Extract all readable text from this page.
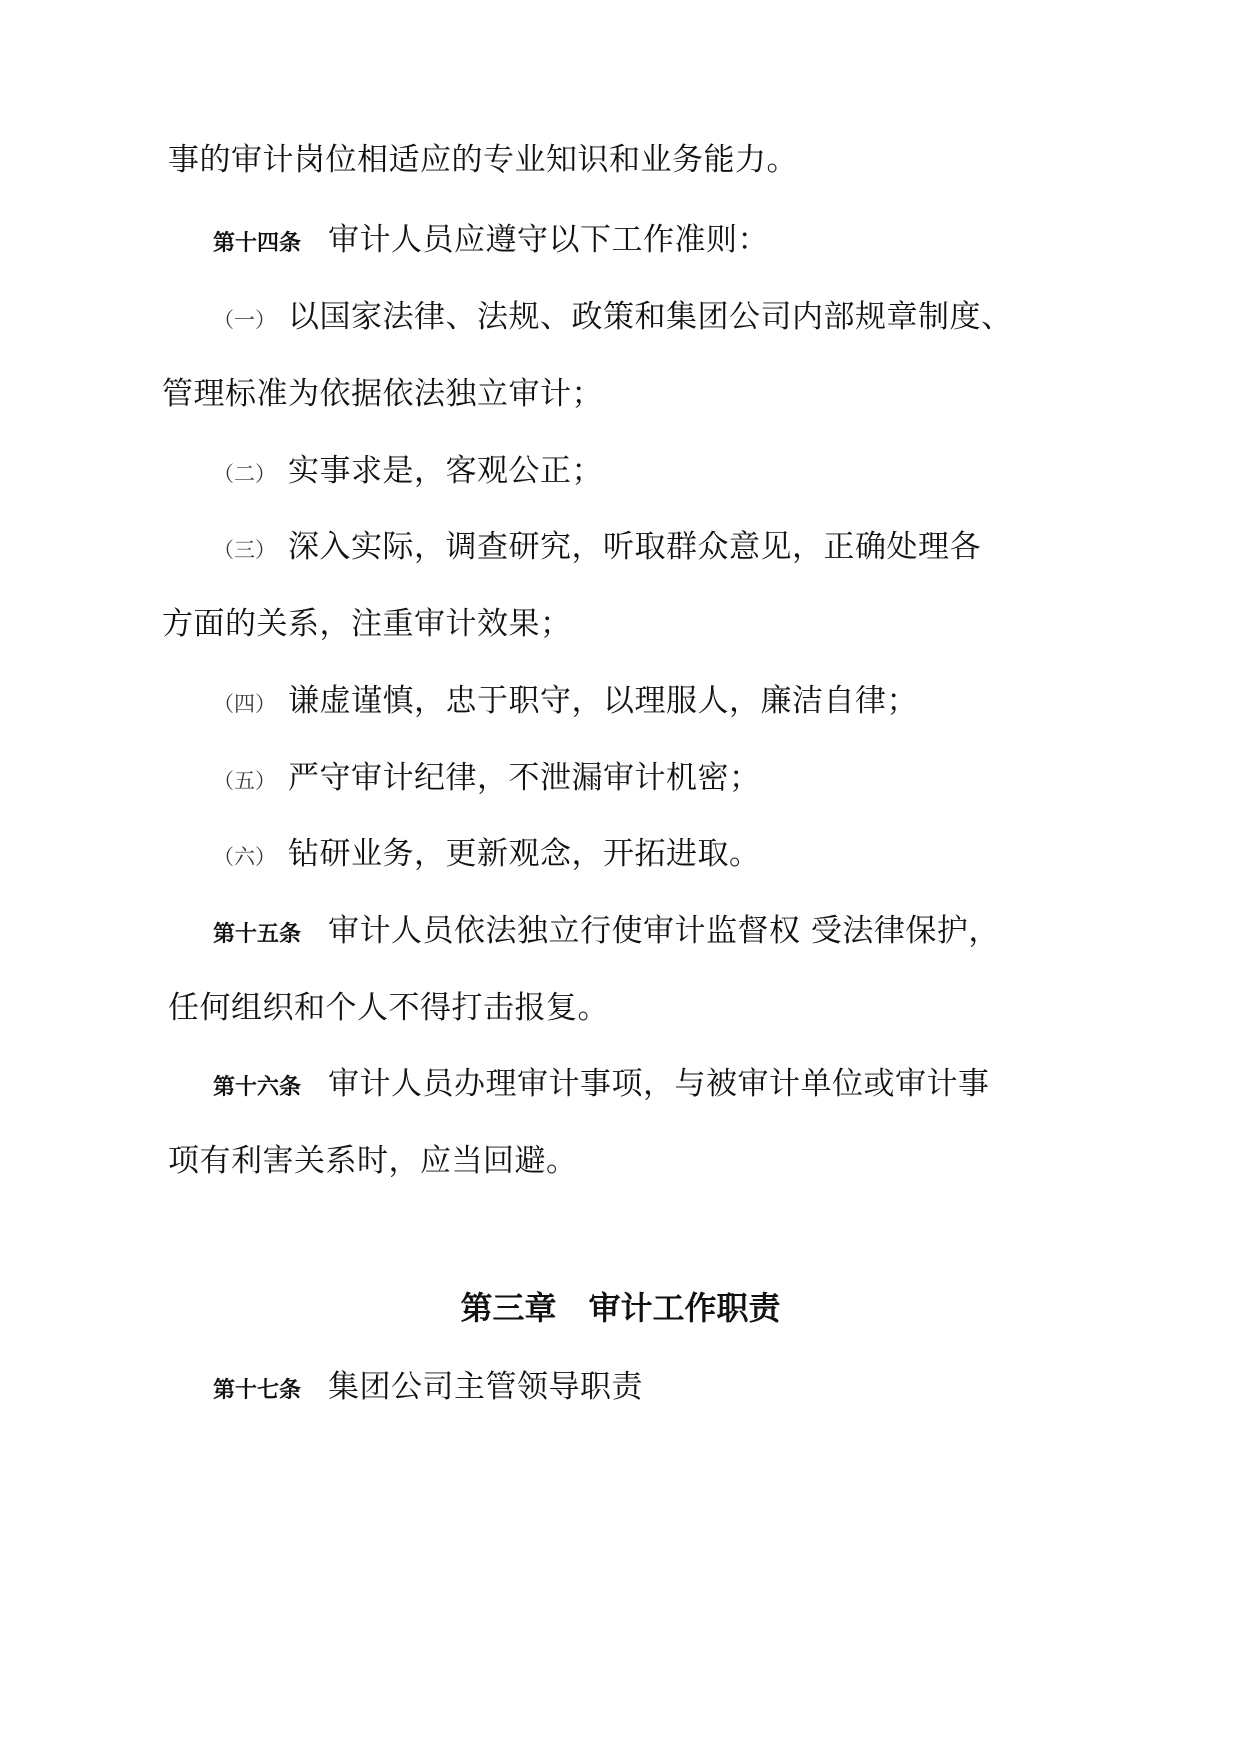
事的审计岗位相适应的专业知识和业务能力。
第十四条 审计人员应遵守以下工作准则：
（一） 以国家法律、法规、政策和集团公司内部规章制度、
管理标准为依据依法独立审计；
（二） 实事求是，客观公正；
（三） 深入实际，调查研究，听取群众意见，正确处理各
方面的关系，注重审计效果；
（四） 谦虚谨慎，忠于职守，以理服人，廉洁自律；
（五） 严守审计纪律，不泄漏审计机密；
（六） 钻研业务，更新观念，开拓进取。
第十五条 审计人员依法独立行使审计监督权 受法律保护，
任何组织和个人不得打击报复。
第十六条 审计人员办理审计事项，与被审计单位或审计事
项有利害关系时，应当回避。
第三章　审计工作职责
第十七条 集团公司主管领导职责
